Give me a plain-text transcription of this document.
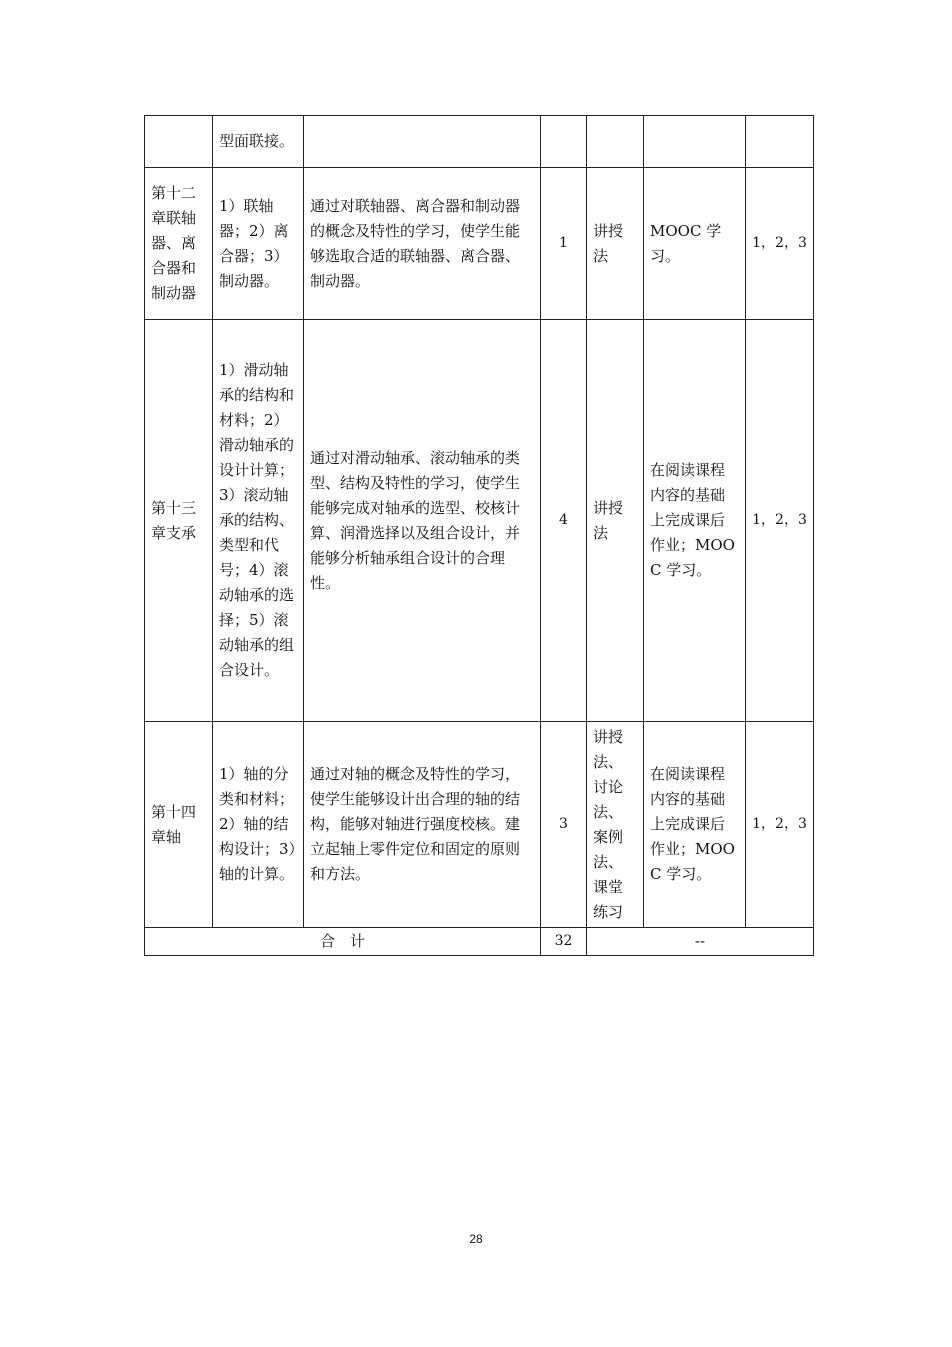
	型面联接。					
第十二章联轴器、离合器和制动器	1）联轴器；2）离合器；3）制动器。	通过对联轴器、离合器和制动器的概念及特性的学习，使学生能够选取合适的联轴器、离合器、制动器。	1	讲授法	MOOC 学习。	1，2，3
第十三章支承	1）滑动轴承的结构和材料；2）滑动轴承的设计计算；3）滚动轴承的结构、类型和代号；4）滚动轴承的选择；5）滚动轴承的组合设计。	通过对滑动轴承、滚动轴承的类型、结构及特性的学习，使学生能够完成对轴承的选型、校核计算、润滑选择以及组合设计，并能够分析轴承组合设计的合理性。	4	讲授法	在阅读课程内容的基础上完成课后作业；MOOC 学习。	1，2，3
第十四章轴	1）轴的分类和材料；2）轴的结构设计；3）轴的计算。	通过对轴的概念及特性的学习，使学生能够设计出合理的轴的结构，能够对轴进行强度校核。建立起轴上零件定位和固定的原则和方法。	3	讲授法、讨论法、案例法、课堂练习	在阅读课程内容的基础上完成课后作业；MOOC 学习。	1，2，3
合　计			32	--		
28
